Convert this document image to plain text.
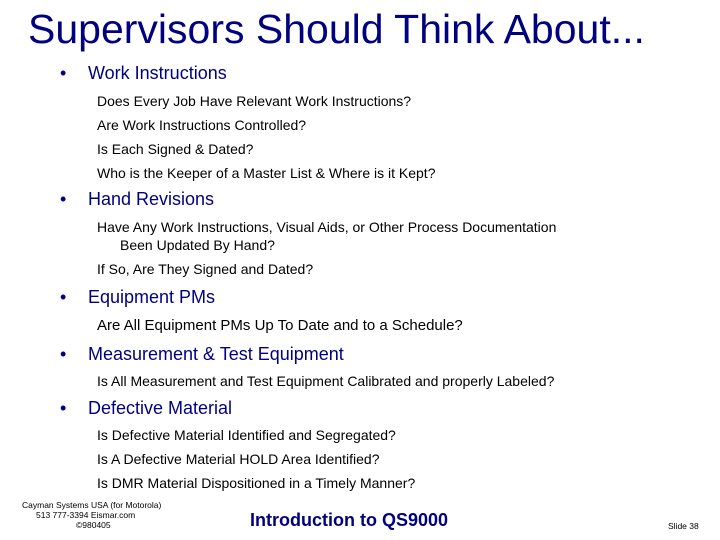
Supervisors Should Think About...
• Work Instructions
Does Every Job Have Relevant Work Instructions?
Are Work Instructions Controlled?
Is Each Signed & Dated?
Who is the Keeper of a Master List & Where is it Kept?
• Hand Revisions
Have Any Work Instructions, Visual Aids, or Other Process Documentation
Been Updated By Hand?
If So, Are They Signed and Dated?
• Equipment PMs
Are All Equipment PMs Up To Date and to a Schedule?
• Measurement & Test Equipment
Is All Measurement and Test Equipment Calibrated and properly Labeled?
• Defective Material
Is Defective Material Identified and Segregated?
Is A Defective Material HOLD Area Identified?
Is DMR Material Dispositioned in a Timely Manner?
Cayman Systems USA (for Motorola)
513 777-3394 Eismar.com
©980405	Introduction to QS9000	Slide 38
